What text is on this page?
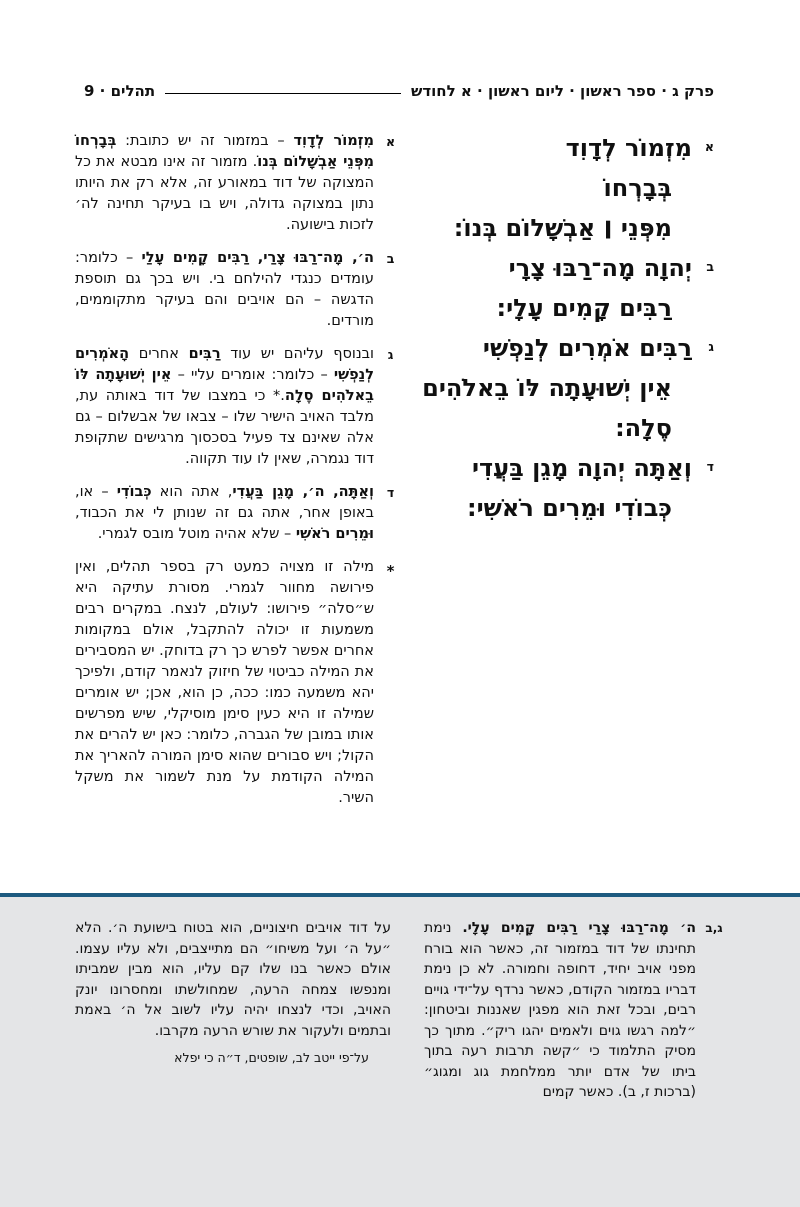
פרק ג · ספר ראשון · ליום ראשון · א לחודש
תהלים · 9
א
מִזְמוֹר לְדָוִד
בְּבָרְחוֹ
מִפְּנֵי ׀ אַבְשָׁלוֹם בְּנוֹ:
ב
יְהוָה מָה־רַבּוּ צָרָי
רַבִּים קָמִים עָלָי:
ג
רַבִּים אֹמְרִים לְנַפְשִׁי
אֵין יְשׁוּעָתָה לּוֹ בֵאלֹהִים
סֶלָה:
ד
וְאַתָּה יְהוָה מָגֵן בַּעֲדִי
כְּבוֹדִי וּמֵרִים רֹאשִׁי:
א
מִזְמוֹר לְדָוִד – במזמור זה יש כתובת: בְּבָרְחוֹ מִפְּנֵי אַבְשָׁלוֹם בְּנוֹ. מזמור זה אינו מבטא את כל המצוקה של דוד במאורע זה, אלא רק את היותו נתון במצוקה גדולה, ויש בו בעיקר תחינה לה׳ לזכות בישועה.
ב
ה׳, מָה־רַבּוּ צָרַי, רַבִּים קָמִים עָלַי – כלומר: עומדים כנגדי להילחם בי. ויש בכך גם תוספת הדגשה – הם אויבים והם בעיקר מתקוממים, מורדים.
ג
ובנוסף עליהם יש עוד רַבִּים אחרים הָאֹמְרִים לְנַפְשִׁי – כלומר: אומרים עליי – אֵין יְשׁוּעָתָה לּוֹ בֵאלֹהִים סֶלָה.* כי במצבו של דוד באותה עת, מלבד האויב הישיר שלו – צבאו של אבשלום – גם אלה שאינם צד פעיל בסכסוך מרגישים שתקופת דוד נגמרה, שאין לו עוד תקווה.
ד
וְאַתָּה, ה׳, מָגֵן בַּעֲדִי, אתה הוא כְּבוֹדִי – או, באופן אחר, אתה גם זה שנותן לי את הכבוד, וּמֵרִים רֹאשִׁי – שלא אהיה מוטל מובס לגמרי.
*
מילה זו מצויה כמעט רק בספר תהלים, ואין פירושה מחוור לגמרי. מסורת עתיקה היא ש״סלה״ פירושו: לעולם, לנצח. במקרים רבים משמעות זו יכולה להתקבל, אולם במקומות אחרים אפשר לפרש כך רק בדוחק. יש המסבירים את המילה כביטוי של חיזוק לנאמר קודם, ולפיכך יהא משמעה כמו: ככה, כן הוא, אכן; יש אומרים שמילה זו היא כעין סימן מוסיקלי, שיש מפרשים אותו במובן של הגברה, כלומר: כאן יש להרים את הקול; ויש סבורים שהוא סימן המורה להאריך את המילה הקודמת על מנת לשמור את משקל השיר.
ג,ב
ה׳ מָה־רַבּוּ צָרַי רַבִּים קָמִים עָלָי. נימת תחינתו של דוד במזמור זה, כאשר הוא בורח מפני אויב יחיד, דחופה וחמורה. לא כן נימת דבריו במזמור הקודם, כאשר נרדף על־ידי גויים רבים, ובכל זאת הוא מפגין שאננות וביטחון: ״למה רגשו גוים ולאמים יהגו ריק״. מתוך כך מסיק התלמוד כי ״קשה תרבות רעה בתוך ביתו של אדם יותר ממלחמת גוג ומגוג״ (ברכות ז, ב). כאשר קמים
על דוד אויבים חיצוניים, הוא בטוח בישועת ה׳. הלא ״על ה׳ ועל משיחו״ הם מתייצבים, ולא עליו עצמו. אולם כאשר בנו שלו קם עליו, הוא מבין שמביתו ומנפשו צמחה הרעה, שמחולשתו ומחסרונו יונק האויב, וכדי לנצחו יהיה עליו לשוב אל ה׳ באמת ובתמים ולעקור את שורש הרעה מקרבו.
על־פי ייטב לב, שופטים, ד״ה כי יפלא
